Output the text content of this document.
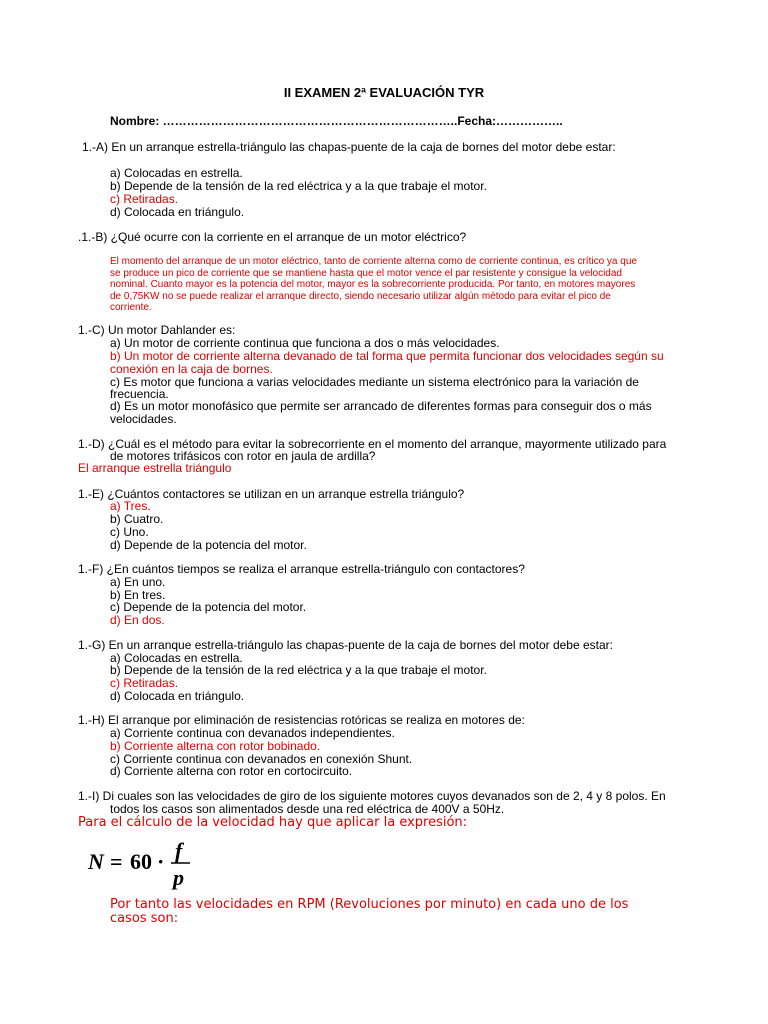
II EXAMEN 2ª EVALUACIÓN TYR
Nombre: ………………………………………………………………..Fecha:……………..
1.-A) En un arranque estrella-triángulo las chapas-puente de la caja de bornes del motor debe estar:
a) Colocadas en estrella.
b) Depende de la tensión de la red eléctrica y a la que trabaje el motor.
c) Retiradas.
d) Colocada en triángulo.
.1.-B) ¿Qué ocurre con la corriente en el arranque de un motor eléctrico?
El momento del arranque de un motor eléctrico, tanto de corriente alterna como de corriente continua, es crítico ya que
se produce un pico de corriente que se mantiene hasta que el motor vence el par resistente y consigue la velocidad
nominal. Cuanto mayor es la potencia del motor, mayor es la sobrecorriente producida. Por tanto, en motores mayores
de 0,75KW no se puede realizar el arranque directo, siendo necesario utilizar algún método para evitar el pico de
corriente.
1.-C) Un motor Dahlander es:
a) Un motor de corriente continua que funciona a dos o más velocidades.
b) Un motor de corriente alterna devanado de tal forma que permita funcionar dos velocidades según su
conexión en la caja de bornes.
c) Es motor que funciona a varias velocidades mediante un sistema electrónico para la variación de
frecuencia.
d) Es un motor monofásico que permite ser arrancado de diferentes formas para conseguir dos o más
velocidades.
1.-D) ¿Cuál es el método para evitar la sobrecorriente en el momento del arranque, mayormente utilizado para
de motores trifásicos con rotor en jaula de ardilla?
El arranque estrella triángulo
1.-E) ¿Cuántos contactores se utilizan en un arranque estrella triángulo?
a) Tres.
b) Cuatro.
c) Uno.
d) Depende de la potencia del motor.
1.-F) ¿En cuántos tiempos se realiza el arranque estrella-triángulo con contactores?
a) En uno.
b) En tres.
c) Depende de la potencia del motor.
d) En dos.
1.-G) En un arranque estrella-triángulo las chapas-puente de la caja de bornes del motor debe estar:
a) Colocadas en estrella.
b) Depende de la tensión de la red eléctrica y a la que trabaje el motor.
c) Retiradas.
d) Colocada en triángulo.
1.-H) El arranque por eliminación de resistencias rotóricas se realiza en motores de:
a) Corriente continua con devanados independientes.
b) Corriente alterna con rotor bobinado.
c) Corriente continua con devanados en conexión Shunt.
d) Corriente alterna con rotor en cortocircuito.
1.-I) Di cuales son las velocidades de giro de los siguiente motores cuyos devanados son de 2, 4 y 8 polos. En
todos los casos son alimentados desde una red eléctrica de 400V a 50Hz.
Para el cálculo de la velocidad hay que aplicar la expresión:
N = 60 · f
p
Por tanto las velocidades en RPM (Revoluciones por minuto) en cada uno de los
casos son:
